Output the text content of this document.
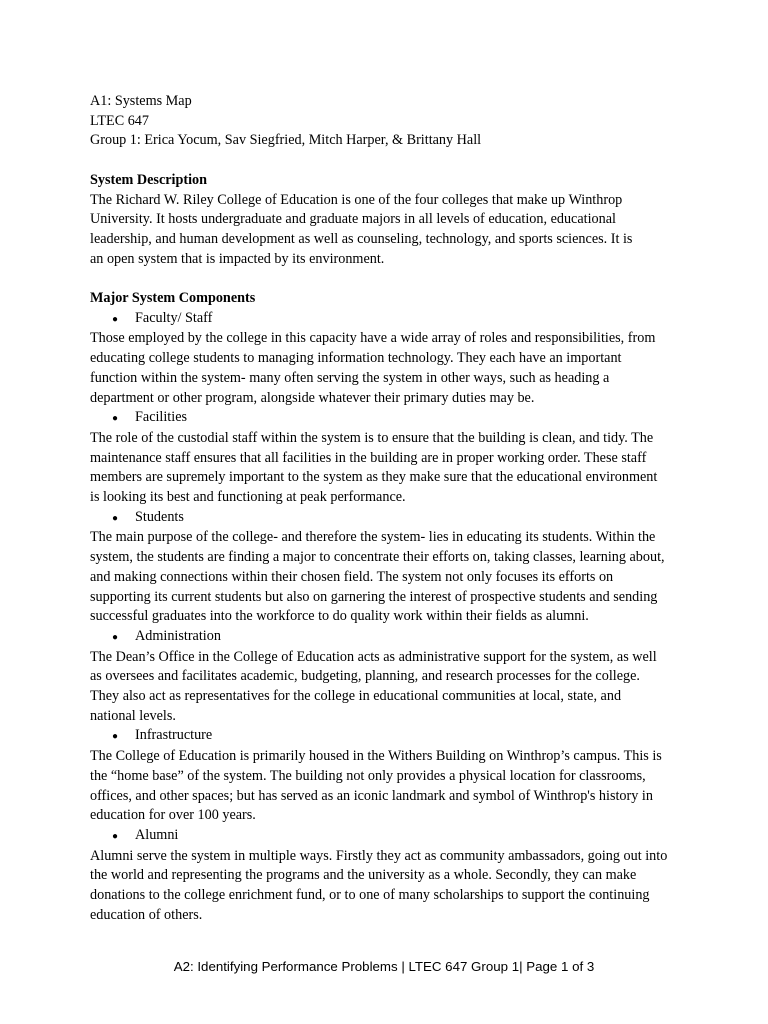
A1: Systems Map
LTEC 647
Group 1: Erica Yocum, Sav Siegfried, Mitch Harper, & Brittany Hall
System Description
The Richard W. Riley College of Education is one of the four colleges that make up Winthrop
University. It hosts undergraduate and graduate majors in all levels of education, educational
leadership, and human development as well as counseling, technology, and sports sciences. It is
an open system that is impacted by its environment.
Major System Components
● Faculty/ Staff
Those employed by the college in this capacity have a wide array of roles and responsibilities, from
educating college students to managing information technology. They each have an important
function within the system- many often serving the system in other ways, such as heading a
department or other program, alongside whatever their primary duties may be.
● Facilities
The role of the custodial staff within the system is to ensure that the building is clean, and tidy. The
maintenance staff ensures that all facilities in the building are in proper working order. These staff
members are supremely important to the system as they make sure that the educational environment
is looking its best and functioning at peak performance.
● Students
The main purpose of the college- and therefore the system- lies in educating its students. Within the
system, the students are finding a major to concentrate their efforts on, taking classes, learning about,
and making connections within their chosen field. The system not only focuses its efforts on
supporting its current students but also on garnering the interest of prospective students and sending
successful graduates into the workforce to do quality work within their fields as alumni.
● Administration
The Dean’s Office in the College of Education acts as administrative support for the system, as well
as oversees and facilitates academic, budgeting, planning, and research processes for the college.
They also act as representatives for the college in educational communities at local, state, and
national levels.
● Infrastructure
The College of Education is primarily housed in the Withers Building on Winthrop’s campus. This is
the “home base” of the system. The building not only provides a physical location for classrooms,
offices, and other spaces; but has served as an iconic landmark and symbol of Winthrop's history in
education for over 100 years.
● Alumni
Alumni serve the system in multiple ways. Firstly they act as community ambassadors, going out into
the world and representing the programs and the university as a whole. Secondly, they can make
donations to the college enrichment fund, or to one of many scholarships to support the continuing
education of others.
A2: Identifying Performance Problems | LTEC 647 Group 1| Page 1 of 3
